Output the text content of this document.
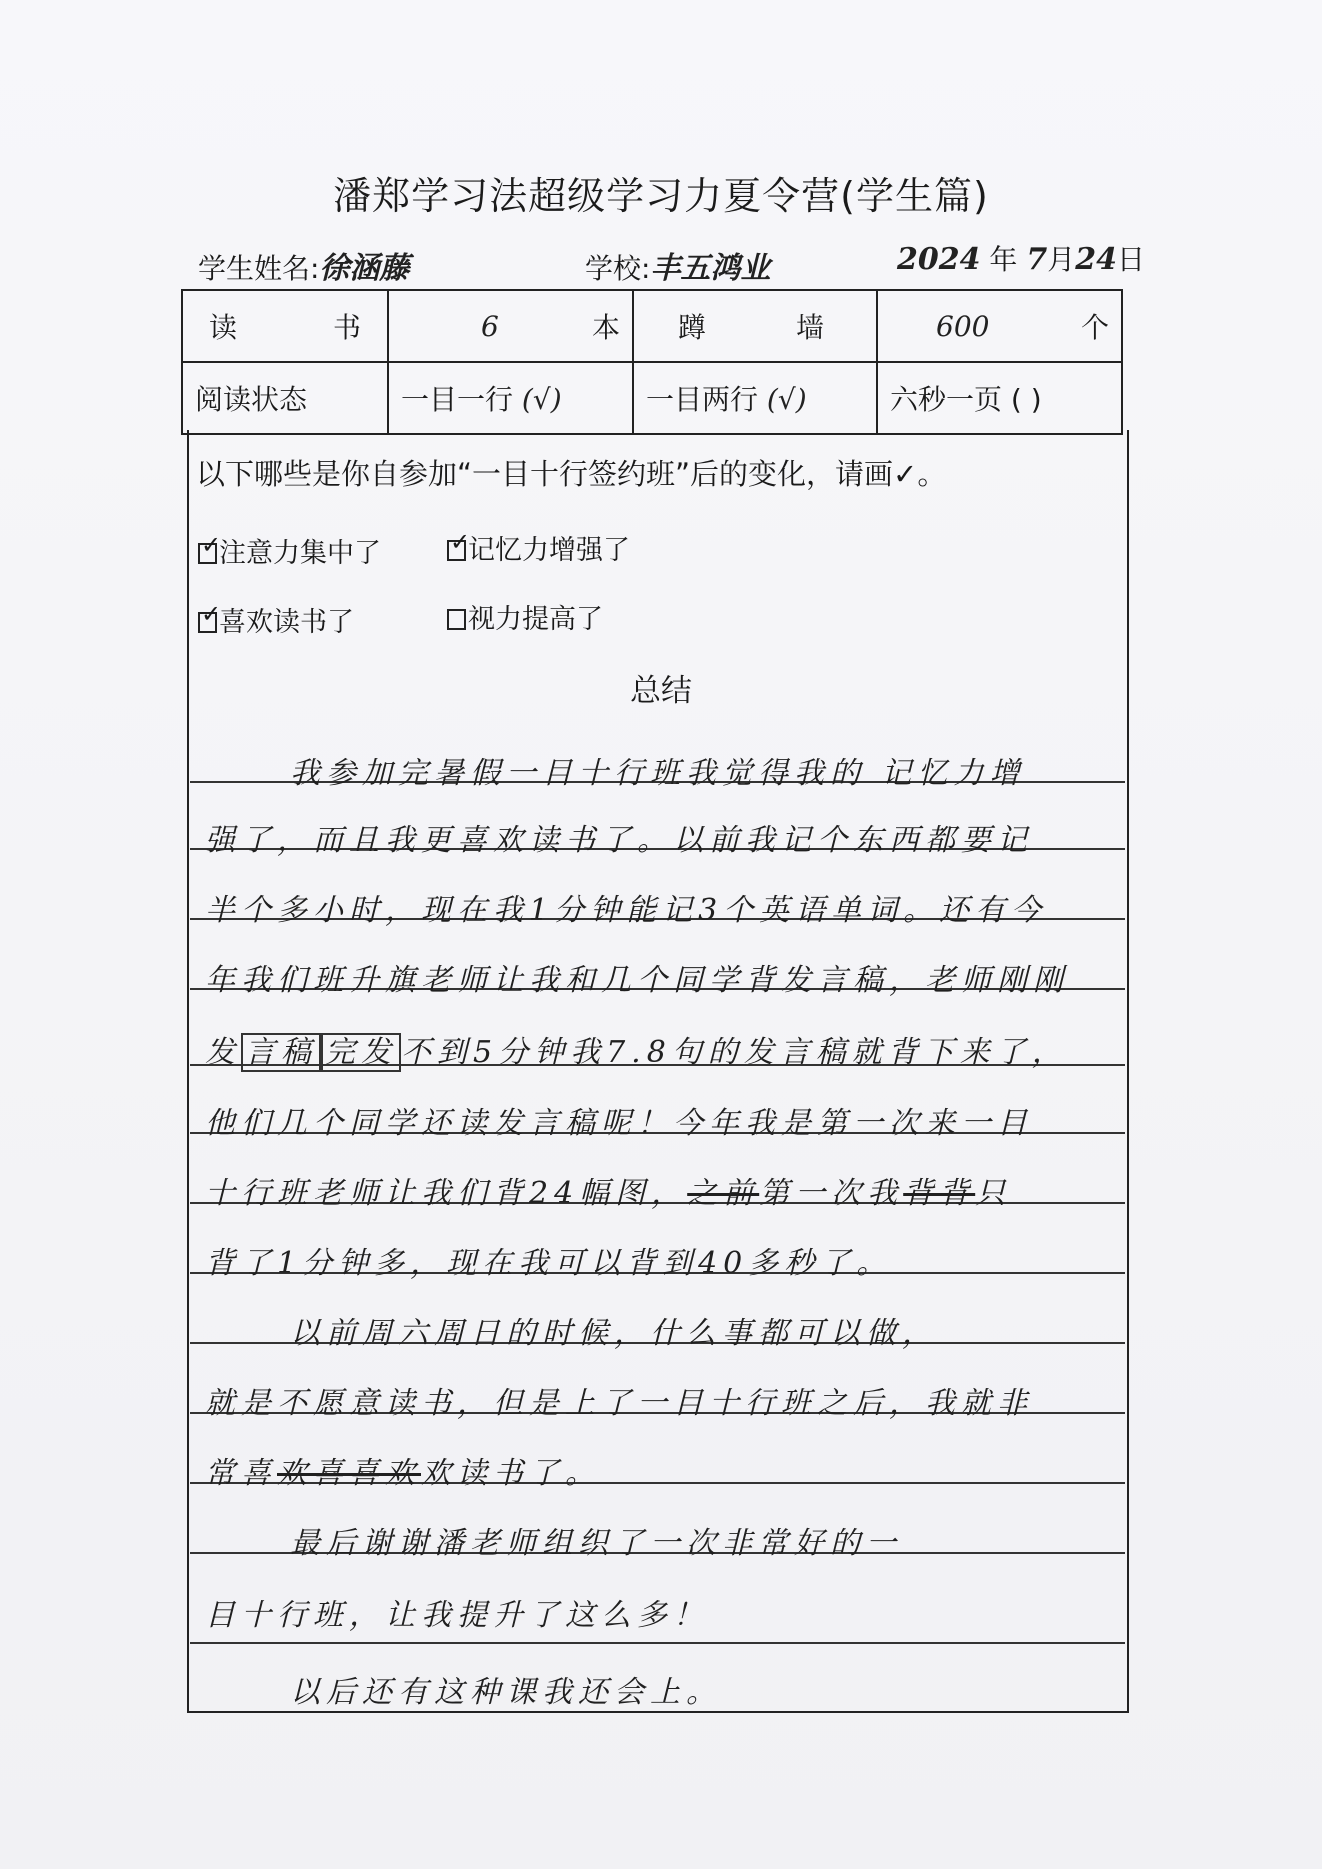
潘郑学习法超级学习力夏令营(学生篇)
学生姓名:徐涵藤	学校:丰五鸿业	2024 年 7月24日
读 书	6 本	蹲 墙	600 个

阅读状态	一目一行 (√)	一目两行 (√)	六秒一页 ( )
以下哪些是你自参加“一目十行签约班”后的变化，请画✓。
✓
注意力集中了	✓
记忆力增强了
✓
喜欢读书了	视力提高了
总结
我参加完暑假一目十行班我觉得我的 记忆力增
强了，而且我更喜欢读书了。以前我记个东西都要记
半个多小时，现在我1分钟能记3个英语单词。还有今
年我们班升旗老师让我和几个同学背发言稿，老师刚刚
发 言稿 完发 不到5分钟我7.8句的发言稿就背下来了，
他们几个同学还读发言稿呢！今年我是第一次来一目
十行班老师让我们背24幅图，之前第一次我背背只
背了1分钟多，现在我可以背到40多秒了。
以前周六周日的时候，什么事都可以做，
就是不愿意读书，但是上了一目十行班之后，我就非
常喜欢喜喜欢欢读书了。
最后谢谢潘老师组织了一次非常好的一
目十行班，让我提升了这么多！
以后还有这种课我还会上。
